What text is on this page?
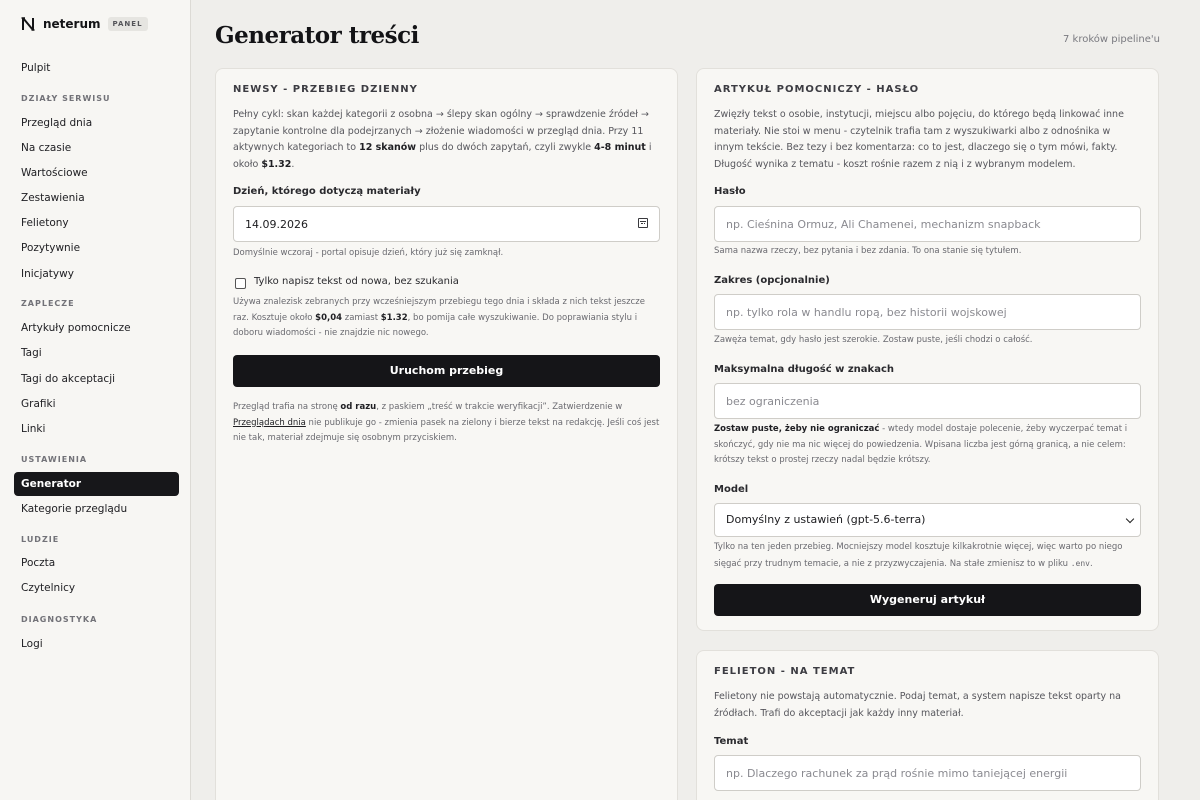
neterum	PANEL
Pulpit
DZIAŁY SERWISU
Przegląd dnia
Na czasie
Wartościowe
Zestawienia
Felietony
Pozytywnie
Inicjatywy
ZAPLECZE
Artykuły pomocnicze
Tagi
Tagi do akceptacji
Grafiki
Linki
USTAWIENIA
Generator
Kategorie przeglądu
LUDZIE
Poczta
Czytelnicy
DIAGNOSTYKA
Logi
Generator treści	7 kroków pipeline'u
NEWSY - PRZEBIEG DZIENNY
Pełny cykl: skan każdej kategorii z osobna → ślepy skan ogólny → sprawdzenie źródeł → zapytanie kontrolne dla podejrzanych → złożenie wiadomości w przegląd dnia. Przy 11 aktywnych kategoriach to 12 skanów plus do dwóch zapytań, czyli zwykle 4-8 minut i około $1.32.
Dzień, którego dotyczą materiały
14.09.2026
Domyślnie wczoraj - portal opisuje dzień, który już się zamknął.
Tylko napisz tekst od nowa, bez szukania
Używa znalezisk zebranych przy wcześniejszym przebiegu tego dnia i składa z nich tekst jeszcze raz. Kosztuje około $0,04 zamiast $1.32, bo pomija całe wyszukiwanie. Do poprawiania stylu i doboru wiadomości - nie znajdzie nic nowego.
Uruchom przebieg
Przegląd trafia na stronę od razu, z paskiem „treść w trakcie weryfikacji”. Zatwierdzenie w Przeglądach dnia nie publikuje go - zmienia pasek na zielony i bierze tekst na redakcję. Jeśli coś jest nie tak, materiał zdejmuje się osobnym przyciskiem.
ARTYKUŁ POMOCNICZY - HASŁO
Zwięzły tekst o osobie, instytucji, miejscu albo pojęciu, do którego będą linkować inne materiały. Nie stoi w menu - czytelnik trafia tam z wyszukiwarki albo z odnośnika w innym tekście. Bez tezy i bez komentarza: co to jest, dlaczego się o tym mówi, fakty. Długość wynika z tematu - koszt rośnie razem z nią i z wybranym modelem.
Hasło
np. Cieśnina Ormuz, Ali Chamenei, mechanizm snapback
Sama nazwa rzeczy, bez pytania i bez zdania. To ona stanie się tytułem.
Zakres (opcjonalnie)
np. tylko rola w handlu ropą, bez historii wojskowej
Zawęża temat, gdy hasło jest szerokie. Zostaw puste, jeśli chodzi o całość.
Maksymalna długość w znakach
bez ograniczenia
Zostaw puste, żeby nie ograniczać - wtedy model dostaje polecenie, żeby wyczerpać temat i skończyć, gdy nie ma nic więcej do powiedzenia. Wpisana liczba jest górną granicą, a nie celem: krótszy tekst o prostej rzeczy nadal będzie krótszy.
Model
Domyślny z ustawień (gpt-5.6-terra)
Tylko na ten jeden przebieg. Mocniejszy model kosztuje kilkakrotnie więcej, więc warto po niego sięgać przy trudnym temacie, a nie z przyzwyczajenia. Na stałe zmienisz to w pliku .env.
Wygeneruj artykuł
FELIETON - NA TEMAT
Felietony nie powstają automatycznie. Podaj temat, a system napisze tekst oparty na źródłach. Trafi do akceptacji jak każdy inny materiał.
Temat
np. Dlaczego rachunek za prąd rośnie mimo taniejącej energii
